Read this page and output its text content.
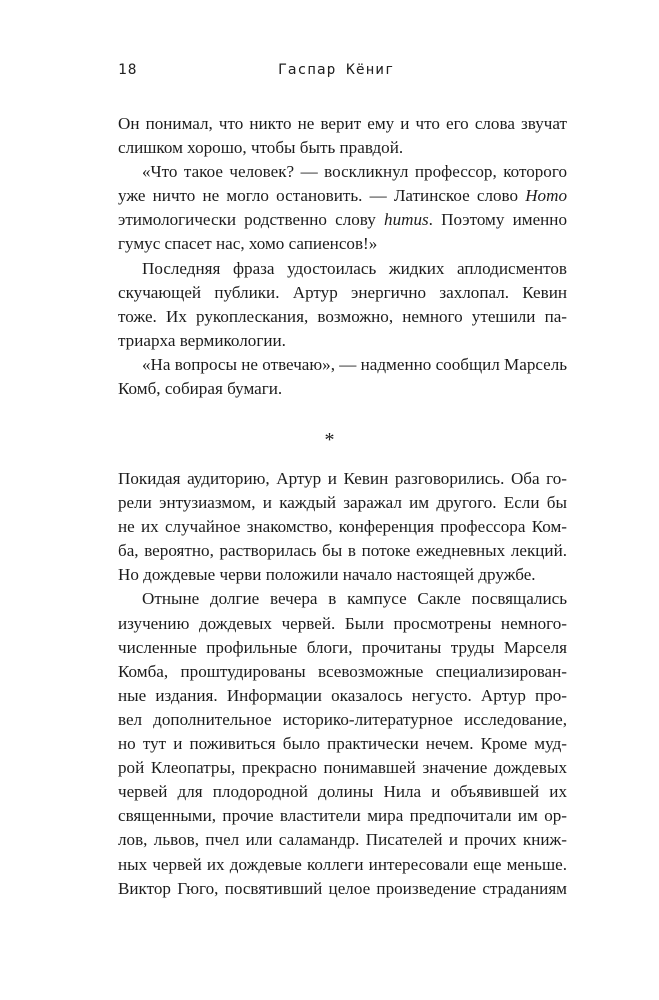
18	Гаспар Кёниг

Он понимал, что никто не верит ему и что его слова звучат

слишком хорошо, чтобы быть правдой.

«Что такое человек? — воскликнул профессор, которого

уже ничто не могло остановить. — Латинское слово Homo

этимологически родственно слову humus. Поэтому именно

гумус спасет нас, хомо сапиенсов!»

Последняя фраза удостоилась жидких аплодисментов

скучающей публики. Артур энергично захлопал. Кевин

тоже. Их рукоплескания, возможно, немного утешили па-

триарха вермикологии.

«На вопросы не отвечаю», — надменно сообщил Марсель

Комб, собирая бумаги.

*

Покидая аудиторию, Артур и Кевин разговорились. Оба го-

рели энтузиазмом, и каждый заражал им другого. Если бы

не их случайное знакомство, конференция профессора Ком-

ба, вероятно, растворилась бы в потоке ежедневных лекций.

Но дождевые черви положили начало настоящей дружбе.

Отныне долгие вечера в кампусе Сакле посвящались

изучению дождевых червей. Были просмотрены немного-

численные профильные блоги, прочитаны труды Марселя

Комба, проштудированы всевозможные специализирован-

ные издания. Информации оказалось негусто. Артур про-

вел дополнительное историко-литературное исследование,

но тут и поживиться было практически нечем. Кроме муд-

рой Клеопатры, прекрасно понимавшей значение дождевых

червей для плодородной долины Нила и объявившей их

священными, прочие властители мира предпочитали им ор-

лов, львов, пчел или саламандр. Писателей и прочих книж-

ных червей их дождевые коллеги интересовали еще меньше.

Виктор Гюго, посвятивший целое произведение страданиям
